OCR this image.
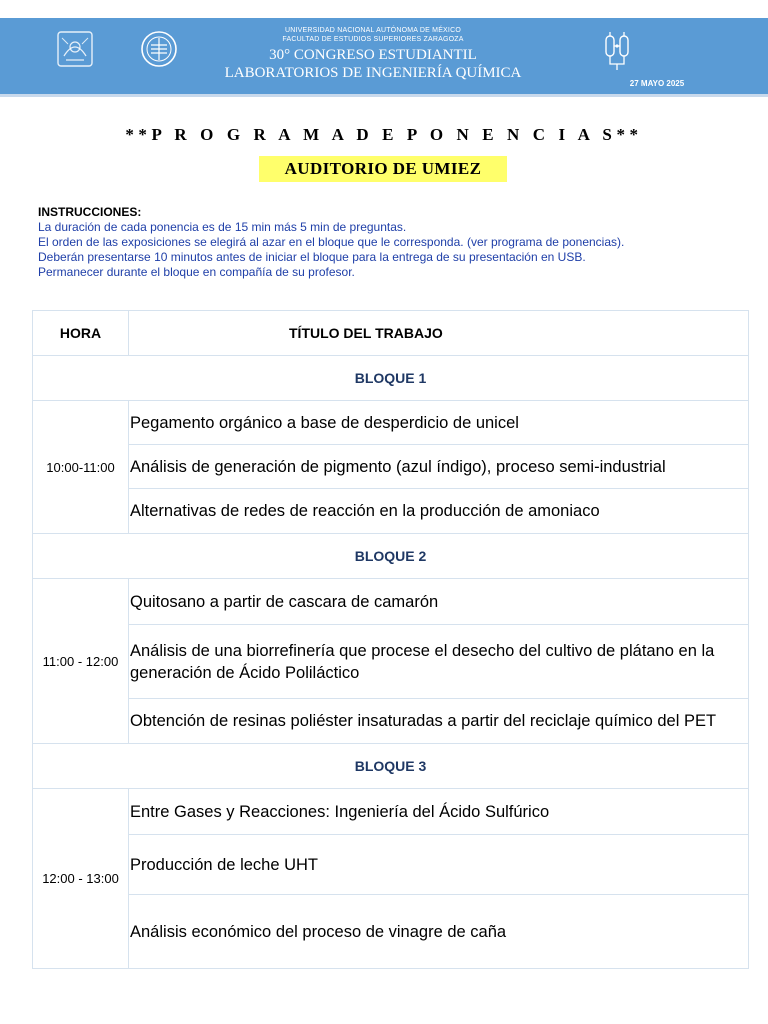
UNIVERSIDAD NACIONAL AUTÓNOMA DE MÉXICO
FACULTAD DE ESTUDIOS SUPERIORES ZARAGOZA
30° CONGRESO ESTUDIANTIL
LABORATORIOS DE INGENIERÍA QUÍMICA
27 MAYO 2025
**P R O G R A M A D E P O N E N C I A S**
AUDITORIO DE UMIEZ
INSTRUCCIONES:
La duración de cada ponencia es de 15 min más 5 min de preguntas.
El orden de las exposiciones se elegirá al azar en el bloque que le corresponda. (ver programa de ponencias).
Deberán presentarse 10 minutos antes de iniciar el bloque para la entrega de su presentación en USB.
Permanecer durante el bloque en compañía de su profesor.
HORA	TÍTULO DEL TRABAJO
BLOQUE 1	
10:00-11:00	Pegamento orgánico a base de desperdicio de unicel
	Análisis de generación de pigmento (azul índigo), proceso semi-industrial
	Alternativas de redes de reacción en la producción de amoniaco
BLOQUE 2	
11:00 - 12:00	Quitosano a partir de cascara de camarón
	Análisis de una biorrefinería que procese el desecho del cultivo de plátano en la generación de Ácido Poliláctico
	Obtención de resinas poliéster insaturadas a partir del reciclaje químico del PET
BLOQUE 3	
12:00 - 13:00	Entre Gases y Reacciones: Ingeniería del Ácido Sulfúrico
	Producción de leche UHT
	Análisis económico del proceso de vinagre de caña
